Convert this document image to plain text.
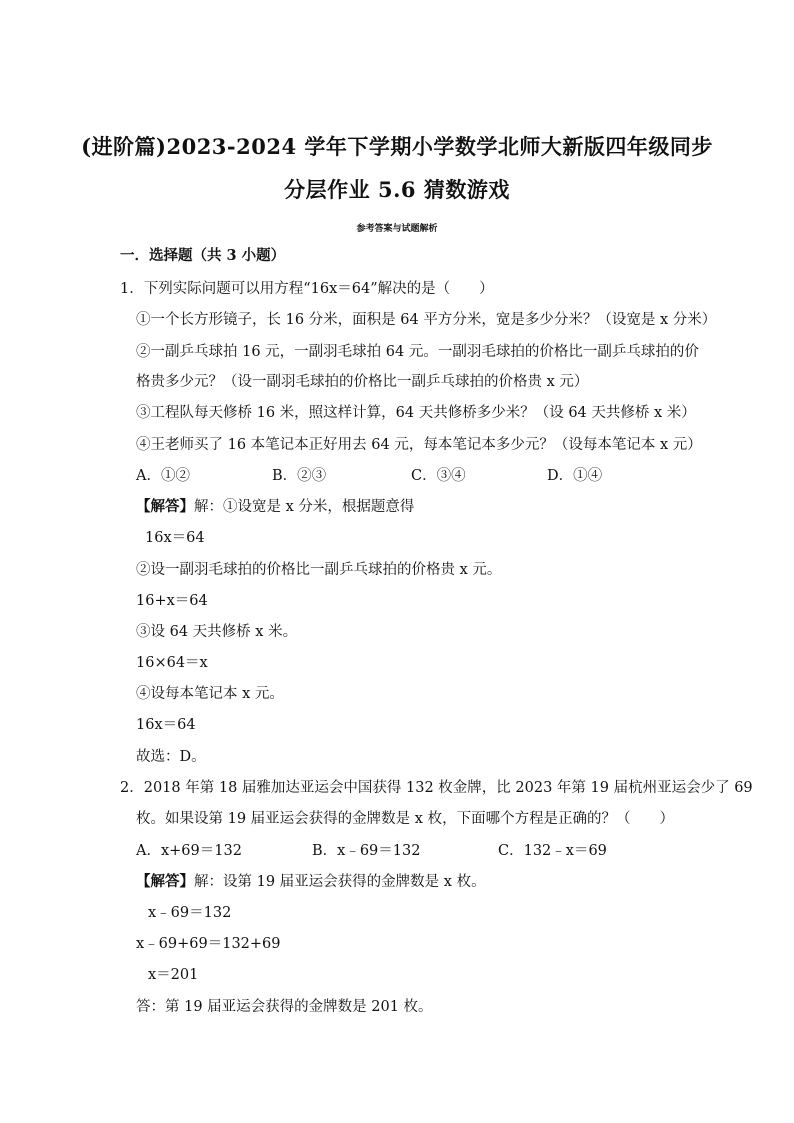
(进阶篇)2023-2024 学年下学期小学数学北师大新版四年级同步
分层作业 5.6 猜数游戏
参考答案与试题解析
一．选择题（共 3 小题）
1．下列实际问题可以用方程“16x＝64”解决的是（　　）
①一个长方形镜子，长 16 分米，面积是 64 平方分米，宽是多少分米？（设宽是 x 分米）
②一副乒乓球拍 16 元，一副羽毛球拍 64 元。一副羽毛球拍的价格比一副乒乓球拍的价
格贵多少元？（设一副羽毛球拍的价格比一副乒乓球拍的价格贵 x 元）
③工程队每天修桥 16 米，照这样计算，64 天共修桥多少米？（设 64 天共修桥 x 米）
④王老师买了 16 本笔记本正好用去 64 元，每本笔记本多少元？（设每本笔记本 x 元）
A．①②	B．②③	C．③④	D．①④
【解答】解：①设宽是 x 分米，根据题意得
16x＝64
②设一副羽毛球拍的价格比一副乒乓球拍的价格贵 x 元。
16+x＝64
③设 64 天共修桥 x 米。
16×64＝x
④设每本笔记本 x 元。
16x＝64
故选：D。
2．2018 年第 18 届雅加达亚运会中国获得 132 枚金牌，比 2023 年第 19 届杭州亚运会少了 69
枚。如果设第 19 届亚运会获得的金牌数是 x 枚，下面哪个方程是正确的？（　　）
A．x+69＝132	B．x﹣69＝132	C．132﹣x＝69
【解答】解：设第 19 届亚运会获得的金牌数是 x 枚。
x﹣69＝132
x﹣69+69＝132+69
x＝201
答：第 19 届亚运会获得的金牌数是 201 枚。
